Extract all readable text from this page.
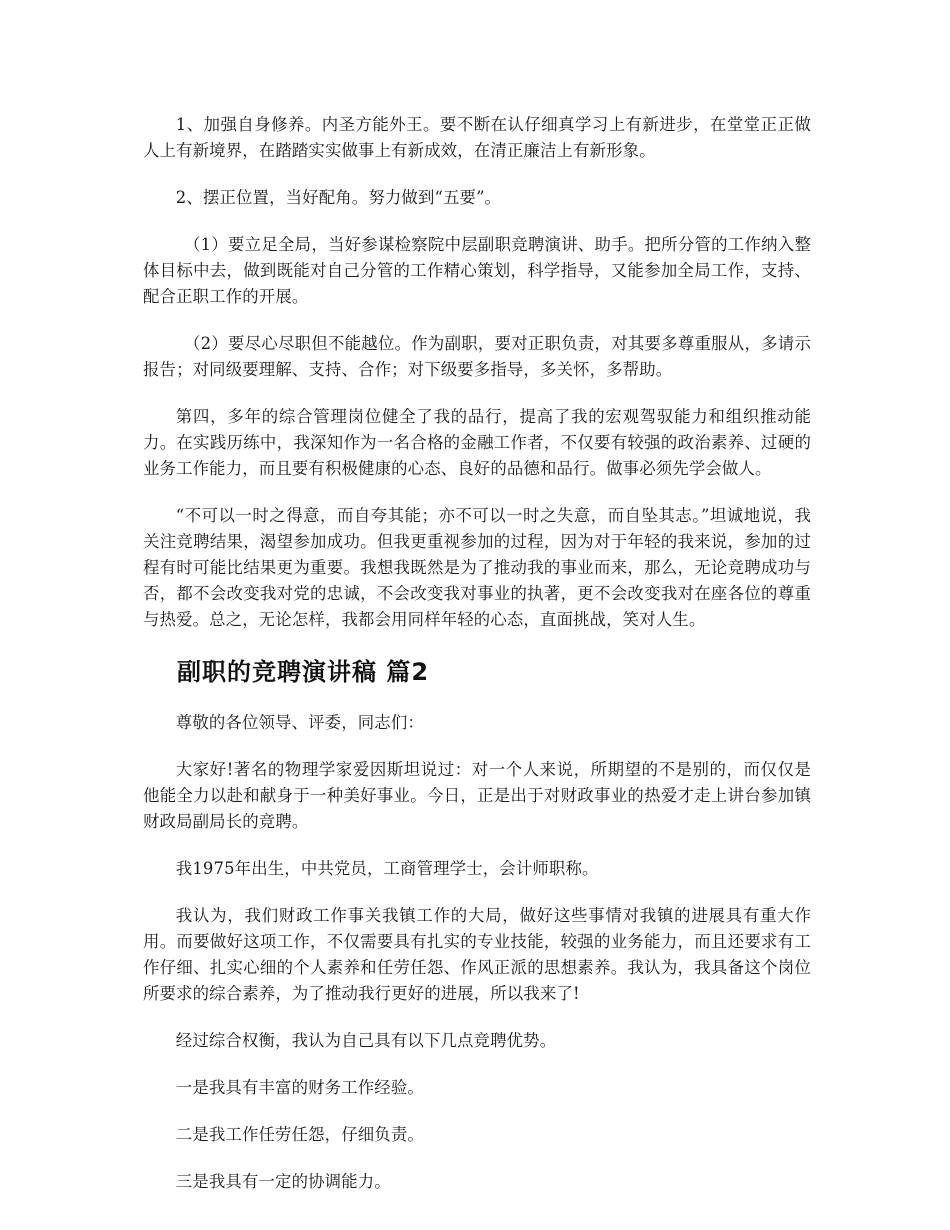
1、加强自身修养。内圣方能外王。要不断在认仔细真学习上有新进步，在堂堂正正做人上有新境界，在踏踏实实做事上有新成效，在清正廉洁上有新形象。

2、摆正位置，当好配角。努力做到“五要”。

（1）要立足全局，当好参谋检察院中层副职竞聘演讲、助手。把所分管的工作纳入整体目标中去，做到既能对自己分管的工作精心策划，科学指导，又能参加全局工作，支持、配合正职工作的开展。

（2）要尽心尽职但不能越位。作为副职，要对正职负责，对其要多尊重服从，多请示报告；对同级要理解、支持、合作；对下级要多指导，多关怀，多帮助。

第四，多年的综合管理岗位健全了我的品行，提高了我的宏观驾驭能力和组织推动能力。在实践历练中，我深知作为一名合格的金融工作者，不仅要有较强的政治素养、过硬的业务工作能力，而且要有积极健康的心态、良好的品德和品行。做事必须先学会做人。

“不可以一时之得意，而自夸其能；亦不可以一时之失意，而自坠其志。”坦诚地说，我关注竞聘结果，渴望参加成功。但我更重视参加的过程，因为对于年轻的我来说，参加的过程有时可能比结果更为重要。我想我既然是为了推动我的事业而来，那么，无论竞聘成功与否，都不会改变我对党的忠诚，不会改变我对事业的执著，更不会改变我对在座各位的尊重与热爱。总之，无论怎样，我都会用同样年轻的心态，直面挑战，笑对人生。

副职的竞聘演讲稿 篇2

尊敬的各位领导、评委，同志们：

大家好!著名的物理学家爱因斯坦说过：对一个人来说，所期望的不是别的，而仅仅是他能全力以赴和献身于一种美好事业。今日，正是出于对财政事业的热爱才走上讲台参加镇财政局副局长的竞聘。

我1975年出生，中共党员，工商管理学士，会计师职称。

我认为，我们财政工作事关我镇工作的大局，做好这些事情对我镇的进展具有重大作用。而要做好这项工作，不仅需要具有扎实的专业技能，较强的业务能力，而且还要求有工作仔细、扎实心细的个人素养和任劳任怨、作风正派的思想素养。我认为，我具备这个岗位所要求的综合素养，为了推动我行更好的进展，所以我来了!

经过综合权衡，我认为自己具有以下几点竞聘优势。

一是我具有丰富的财务工作经验。

二是我工作任劳任怨，仔细负责。

三是我具有一定的协调能力。
